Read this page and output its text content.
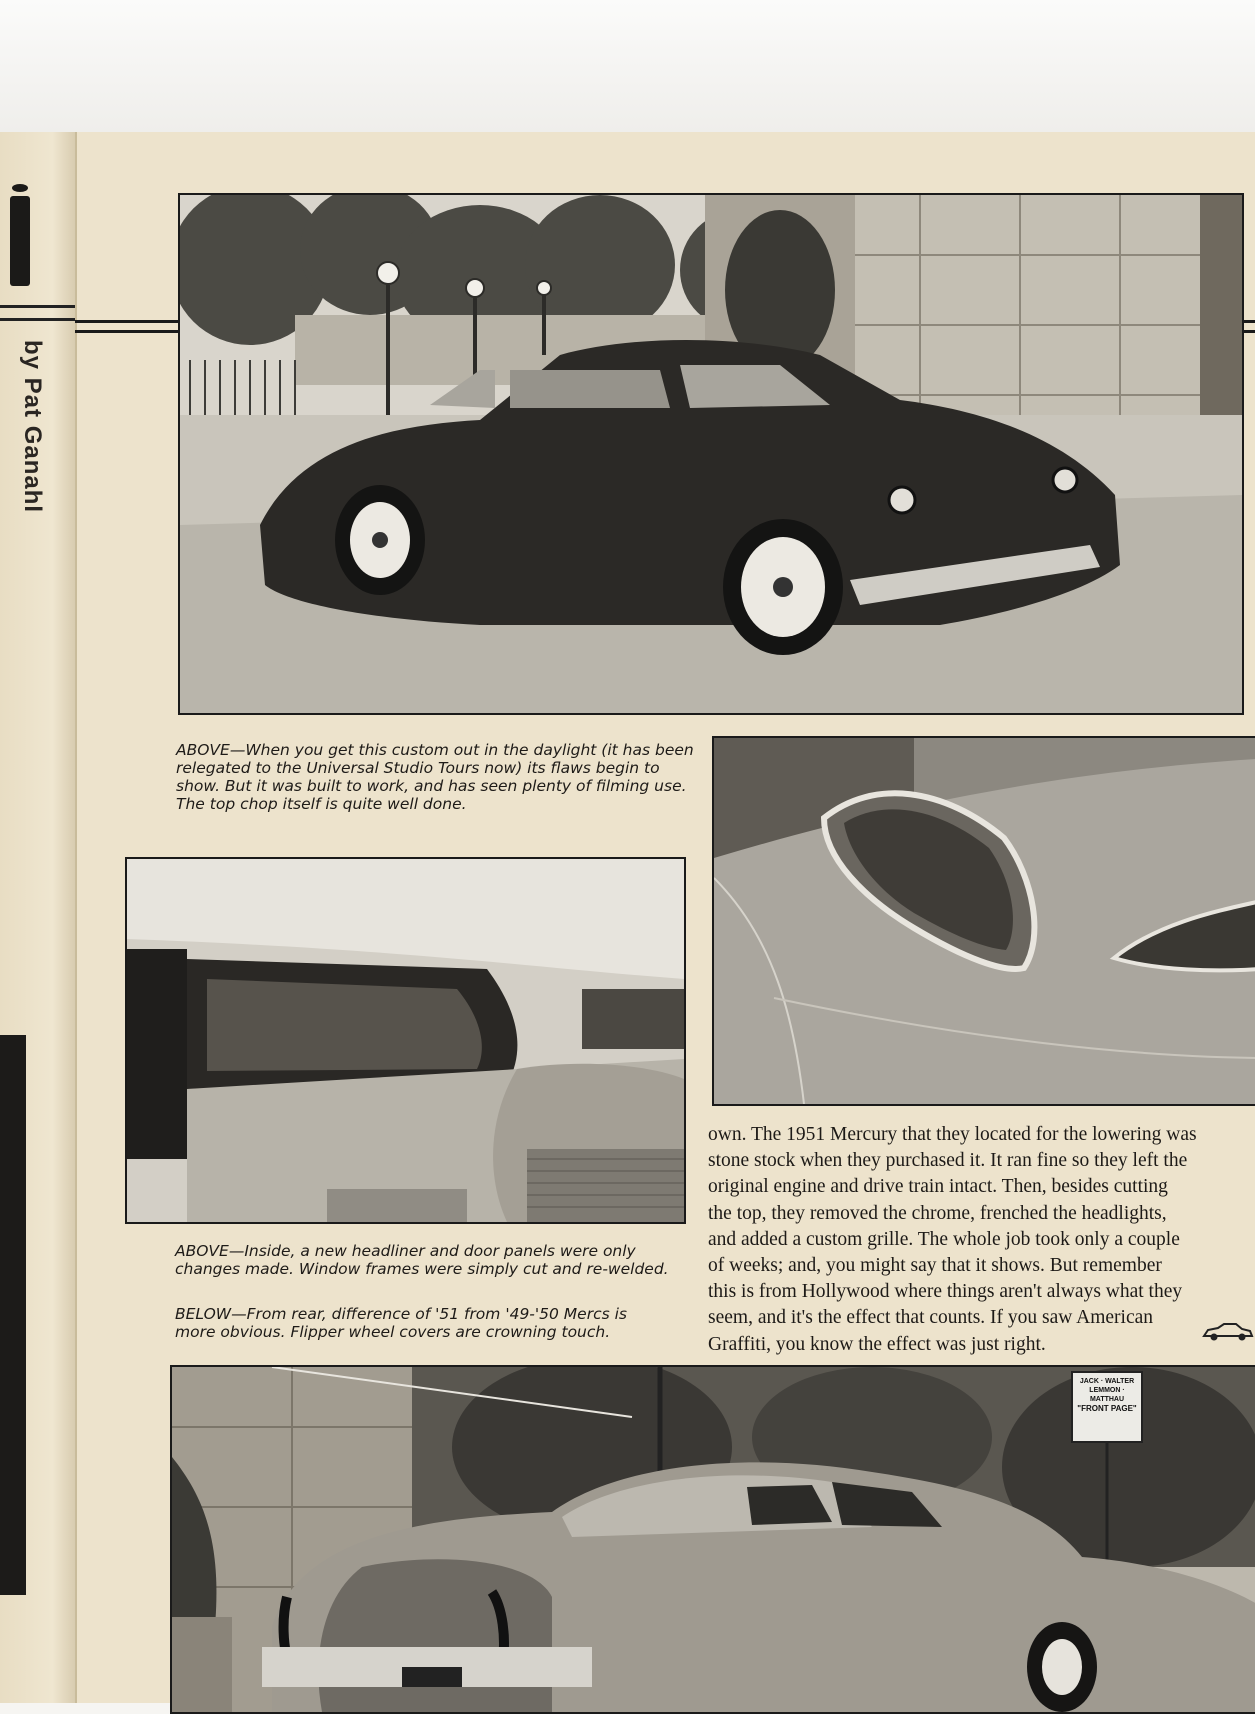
by Pat Ganahl

ABOVE—When you get this custom out in the daylight (it has been relegated to the Universal Studio Tours now) its flaws begin to show. But it was built to work, and has seen plenty of filming use. The top chop itself is quite well done.

ABOVE—Inside, a new headliner and door panels were only changes made. Window frames were simply cut and re-welded.

BELOW—From rear, difference of '51 from '49-'50 Mercs is more obvious. Flipper wheel covers are crowning touch.

own. The 1951 Mercury that they located for the lowering was
stone stock when they purchased it. It ran fine so they left the
original engine and drive train intact. Then, besides cutting
the top, they removed the chrome, frenched the headlights,
and added a custom grille. The whole job took only a couple
of weeks; and, you might say that it shows. But remember
this is from Hollywood where things aren't always what they
seem, and it's the effect that counts. If you saw American
Graffiti, you know the effect was just right.

JACK · WALTER
LEMMON · MATTHAU
"FRONT PAGE"
